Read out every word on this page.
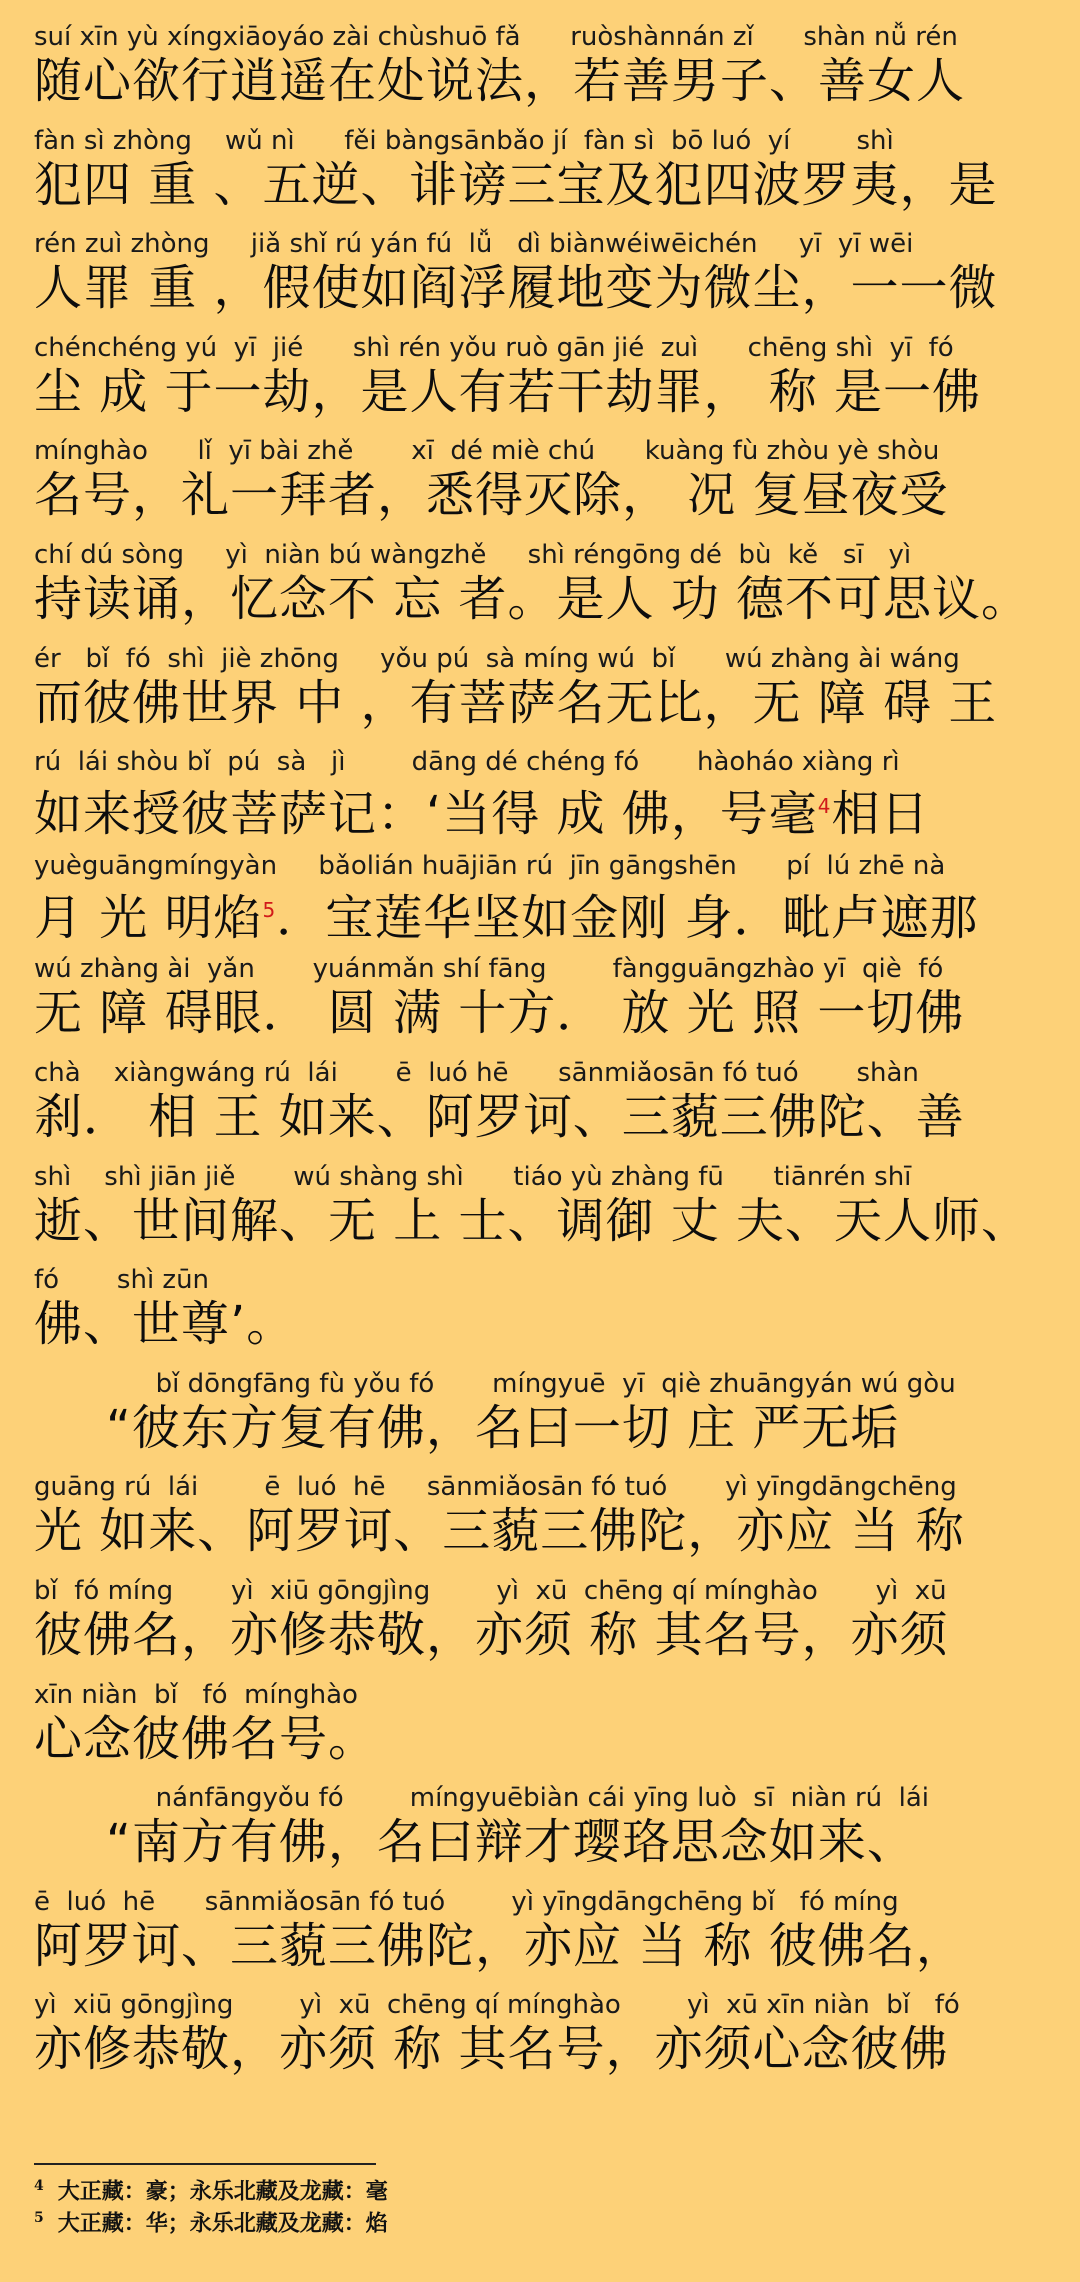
suí xīn yù xíngxiāoyáo zài chùshuō fǎ      ruòshànnán zǐ      shàn nǚ rén
随心欲行逍遥在处说法，若善男子、善女人
fàn sì zhòng    wǔ nì      fěi bàngsānbǎo jí  fàn sì  bō luó  yí        shì
犯四 重 、五逆、诽谤三宝及犯四波罗夷，是
rén zuì zhòng     jiǎ shǐ rú yán fú  lǚ   dì biànwéiwēichén     yī  yī wēi
人罪 重 ，假使如阎浮履地变为微尘，一一微
chénchéng yú  yī  jié      shì rén yǒu ruò gān jié  zuì      chēng shì  yī  fó
尘 成 于一劫，是人有若干劫罪， 称 是一佛
mínghào      lǐ  yī bài zhě       xī  dé miè chú      kuàng fù zhòu yè shòu
名号，礼一拜者，悉得灭除， 况 复昼夜受
chí dú sòng     yì  niàn bú wàngzhě     shì réngōng dé  bù  kě   sī   yì
持读诵，忆念不 忘 者。是人 功 德不可思议。
ér   bǐ  fó  shì  jiè zhōng     yǒu pú  sà míng wú  bǐ      wú zhàng ài wáng
而彼佛世界 中 ，有菩萨名无比，无 障 碍 王
rú  lái shòu bǐ  pú  sà   jì        dāng dé chéng fó       hàoháo xiàng rì
如来授彼菩萨记：‘当得 成 佛，号毫$^4$相日
yuèguāngmíngyàn     bǎolián huājiān rú  jīn gāngshēn      pí  lú zhē nà
月 光 明焰$^5$．宝莲华坚如金刚 身．毗卢遮那
wú zhàng ài  yǎn       yuánmǎn shí fāng        fàngguāngzhào yī  qiè  fó
无 障 碍眼． 圆 满 十方． 放 光 照 一切佛
chà    xiàngwáng rú  lái       ē  luó hē      sānmiǎosān fó tuó       shàn
刹． 相 王 如来、阿罗诃、三藐三佛陀、善
shì    shì jiān jiě       wú shàng shì      tiáo yù zhàng fū      tiānrén shī
逝、世间解、无 上 士、调御 丈 夫、天人师、
fó       shì zūn
佛、世尊’。
bǐ dōngfāng fù yǒu fó       míngyuē  yī  qiè zhuāngyán wú gòu
“彼东方复有佛，名曰一切 庄 严无垢
guāng rú  lái        ē  luó  hē     sānmiǎosān fó tuó       yì yīngdāngchēng
光 如来、阿罗诃、三藐三佛陀，亦应 当 称
bǐ  fó míng       yì  xiū gōngjìng        yì  xū  chēng qí mínghào       yì  xū
彼佛名，亦修恭敬，亦须 称 其名号，亦须
xīn niàn  bǐ   fó  mínghào
心念彼佛名号。
nánfāngyǒu fó        míngyuēbiàn cái yīng luò  sī  niàn rú  lái
“南方有佛，名曰辩才璎珞思念如来、
ē  luó  hē      sānmiǎosān fó tuó        yì yīngdāngchēng bǐ   fó míng
阿罗诃、三藐三佛陀，亦应 当 称 彼佛名，
yì  xiū gōngjìng        yì  xū  chēng qí mínghào        yì  xū xīn niàn  bǐ   fó
亦修恭敬，亦须 称 其名号，亦须心念彼佛
$^4$ 大正藏：豪；永乐北藏及龙藏：毫
$^5$ 大正藏：华；永乐北藏及龙藏：焰
